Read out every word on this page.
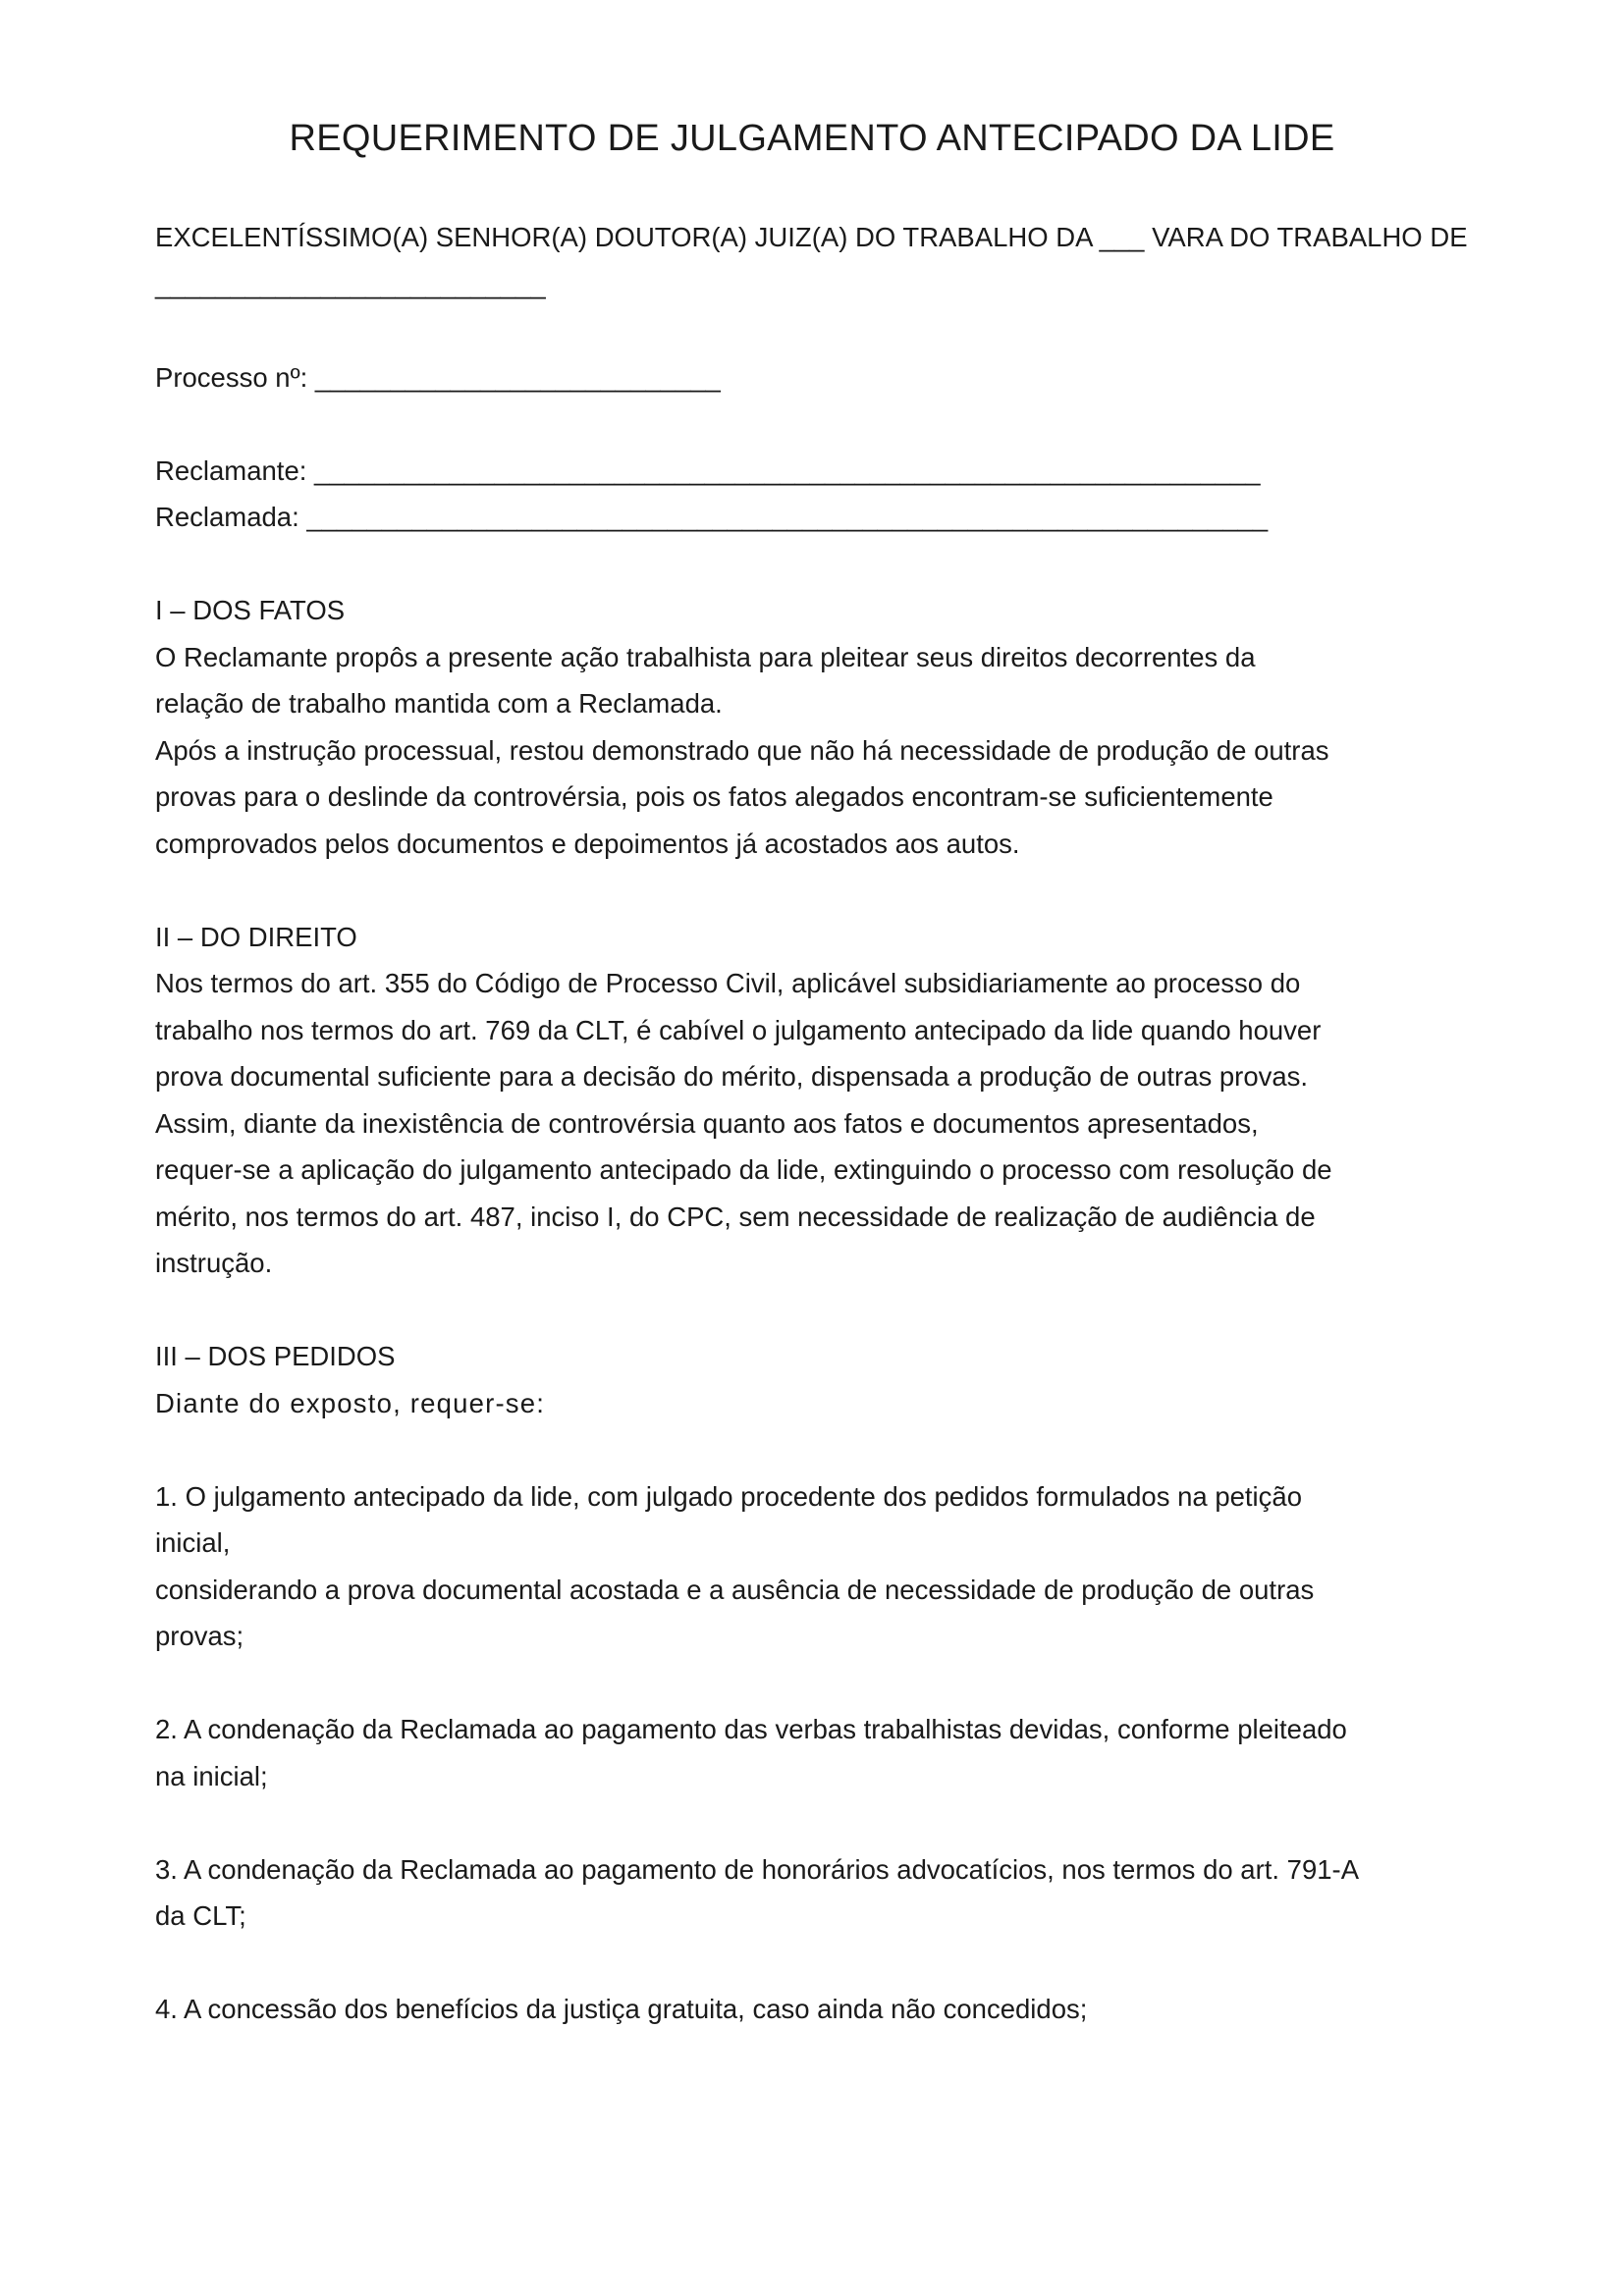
REQUERIMENTO DE JULGAMENTO ANTECIPADO DA LIDE
EXCELENTÍSSIMO(A) SENHOR(A) DOUTOR(A) JUIZ(A) DO TRABALHO DA ___ VARA DO TRABALHO DE
__________________________
Processo nº: ___________________________
Reclamante: _______________________________________________________________
Reclamada: ________________________________________________________________
I – DOS FATOS
O Reclamante propôs a presente ação trabalhista para pleitear seus direitos decorrentes da
relação de trabalho mantida com a Reclamada.
Após a instrução processual, restou demonstrado que não há necessidade de produção de outras
provas para o deslinde da controvérsia, pois os fatos alegados encontram-se suficientemente
comprovados pelos documentos e depoimentos já acostados aos autos.
II – DO DIREITO
Nos termos do art. 355 do Código de Processo Civil, aplicável subsidiariamente ao processo do
trabalho nos termos do art. 769 da CLT, é cabível o julgamento antecipado da lide quando houver
prova documental suficiente para a decisão do mérito, dispensada a produção de outras provas.
Assim, diante da inexistência de controvérsia quanto aos fatos e documentos apresentados,
requer-se a aplicação do julgamento antecipado da lide, extinguindo o processo com resolução de
mérito, nos termos do art. 487, inciso I, do CPC, sem necessidade de realização de audiência de
instrução.
III – DOS PEDIDOS
Diante do exposto, requer-se:
1. O julgamento antecipado da lide, com julgado procedente dos pedidos formulados na petição
inicial,
considerando a prova documental acostada e a ausência de necessidade de produção de outras
provas;
2. A condenação da Reclamada ao pagamento das verbas trabalhistas devidas, conforme pleiteado
na inicial;
3. A condenação da Reclamada ao pagamento de honorários advocatícios, nos termos do art. 791-A
da CLT;
4. A concessão dos benefícios da justiça gratuita, caso ainda não concedidos;
